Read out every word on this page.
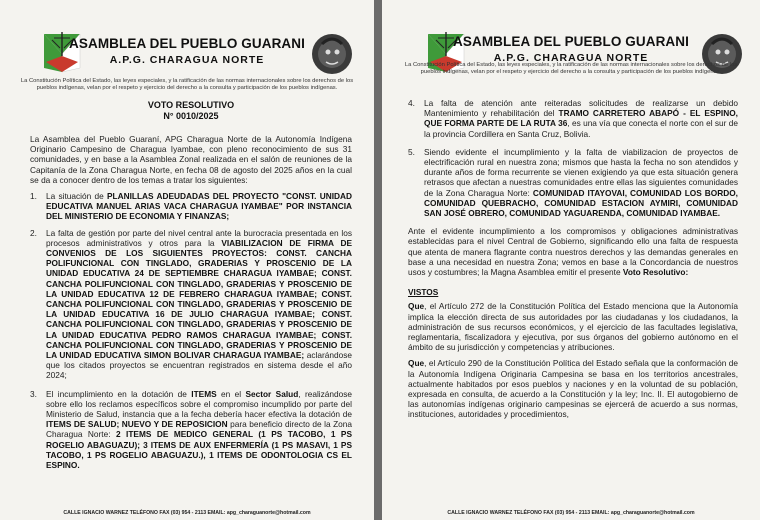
ASAMBLEA DEL PUEBLO GUARANI
A.P.G. CHARAGUA NORTE
La Constitución Política del Estado, las leyes especiales, y la ratificación de las normas internacionales sobre los derechos de los pueblos indígenas, velan por el respeto y ejercicio del derecho a la consulta y participación de los pueblos indígenas.
VOTO RESOLUTIVO
N° 0010/2025

La Asamblea del Pueblo Guaraní, APG Charagua Norte de la Autonomía Indígena Originario Campesino de Charagua Iyambae, con pleno reconocimiento de sus 31 comunidades, y en base a la Asamblea Zonal realizada en el salón de reuniones de la Capitanía de la Zona Charagua Norte, en fecha 08 de agosto del 2025 años en la cual se da a conocer dentro de los temas a tratar los siguientes:

1.	La situación de PLANILLAS ADEUDADAS DEL PROYECTO "CONST. UNIDAD EDUCATIVA MANUEL ARIAS VACA CHARAGUA IYAMBAE" POR INSTANCIA DEL MINISTERIO DE ECONOMIA Y FINANZAS;
2.	La falta de gestión por parte del nivel central ante la burocracia presentada en los procesos administrativos y otros para la VIABILIZACION DE FIRMA DE CONVENIOS DE LOS SIGUIENTES PROYECTOS: CONST. CANCHA POLIFUNCIONAL CON TINGLADO, GRADERIAS Y PROSCENIO DE LA UNIDAD EDUCATIVA 24 DE SEPTIEMBRE CHARAGUA IYAMBAE; CONST. CANCHA POLIFUNCIONAL CON TINGLADO, GRADERIAS Y PROSCENIO DE LA UNIDAD EDUCATIVA 12 DE FEBRERO CHARAGUA IYAMBAE; CONST. CANCHA POLIFUNCIONAL CON TINGLADO, GRADERIAS Y PROSCENIO DE LA UNIDAD EDUCATIVA 16 DE JULIO CHARAGUA IYAMBAE; CONST. CANCHA POLIFUNCIONAL CON TINGLADO, GRADERIAS Y PROSCENIO DE LA UNIDAD EDUCATIVA PEDRO RAMOS CHARAGUA IYAMBAE; CONST. CANCHA POLIFUNCIONAL CON TINGLADO, GRADERIAS Y PROSCENIO DE LA UNIDAD EDUCATIVA SIMON BOLIVAR CHARAGUA IYAMBAE; aclarándose que los citados proyectos se encuentran registrados en sistema desde el año 2024;
3.	El incumplimiento en la dotación de ITEMS en el Sector Salud, realizándose sobre ello los reclamos específicos sobre el compromiso incumplido por parte del Ministerio de Salud, instancia que a la fecha debería hacer efectiva la dotación de ITEMS DE SALUD; NUEVO Y DE REPOSICION para beneficio directo de la Zona Charagua Norte: 2 ITEMS DE MEDICO GENERAL (1 PS TACOBO, 1 PS ROGELIO ABAGUAZU); 3 ITEMS DE AUX ENFERMERÍA (1 PS MASAVI, 1 PS TACOBO, 1 PS ROGELIO ABAGUAZU.), 1 ITEMS DE ODONTOLOGIA CS EL ESPINO.
CALLE IGNACIO WARNEZ TELÉFONO FAX (03) 954 - 2113 EMAIL: apg_charaguanorte@hotmail.com
ASAMBLEA DEL PUEBLO GUARANI
A.P.G. CHARAGUA NORTE
La Constitución Política del Estado, las leyes especiales, y la ratificación de las normas internacionales sobre los derechos de los pueblos indígenas, velan por el respeto y ejercicio del derecho a la consulta y participación de los pueblos indígenas.
4.	La falta de atención ante reiteradas solicitudes de realizarse un debido Mantenimiento y rehabilitación del TRAMO CARRETERO ABAPÓ - EL ESPINO, QUE FORMA PARTE DE LA RUTA 36, es una vía que conecta el norte con el sur de la provincia Cordillera en Santa Cruz, Bolivia.
5.	Siendo evidente el incumplimiento y la falta de viabilizacion de proyectos de electrificación rural en nuestra zona; mismos que hasta la fecha no son atendidos y durante años de forma recurrente se vienen exigiendo ya que esta situación genera retrasos que afectan a nuestras comunidades entre ellas las siguientes comunidades de la Zona Charagua Norte: COMUNIDAD ITAYOVAI, COMUNIDAD LOS BORDO, COMUNIDAD QUEBRACHO, COMUNIDAD ESTACION AYMIRI, COMUNIDAD SAN JOSÉ OBRERO, COMUNIDAD YAGUARENDA, COMUNIDAD IYAMBAE.

Ante el evidente incumplimiento a los compromisos y obligaciones administrativas establecidas para el nivel Central de Gobierno, significando ello una falta de respuesta que atenta de manera flagrante contra nuestros derechos y las demandas generales en base a una necesidad en nuestra Zona; vemos en base a la Concordancia de nuestros usos y costumbres; la Magna Asamblea emitir el presente Voto Resolutivo:

VISTOS

Que, el Artículo 272 de la Constitución Política del Estado menciona que la Autonomía implica la elección directa de sus autoridades por las ciudadanas y los ciudadanos, la administración de sus recursos económicos, y el ejercicio de las facultades legislativa, reglamentaria, fiscalizadora y ejecutiva, por sus órganos del gobierno autónomo en el ámbito de su jurisdicción y competencias y atribuciones.

Que, el Artículo 290 de la Constitución Política del Estado señala que la conformación de la Autonomía Indígena Originaria Campesina se basa en los territorios ancestrales, actualmente habitados por esos pueblos y naciones y en la voluntad de su población, expresada en consulta, de acuerdo a la Constitución y la ley; Inc. II. El autogobierno de las autonomías indígenas originario campesinas se ejercerá de acuerdo a sus normas, instituciones, autoridades y procedimientos,

CALLE IGNACIO WARNEZ TELÉFONO FAX (03) 954 - 2113 EMAIL: apg_charaguanorte@hotmail.com
